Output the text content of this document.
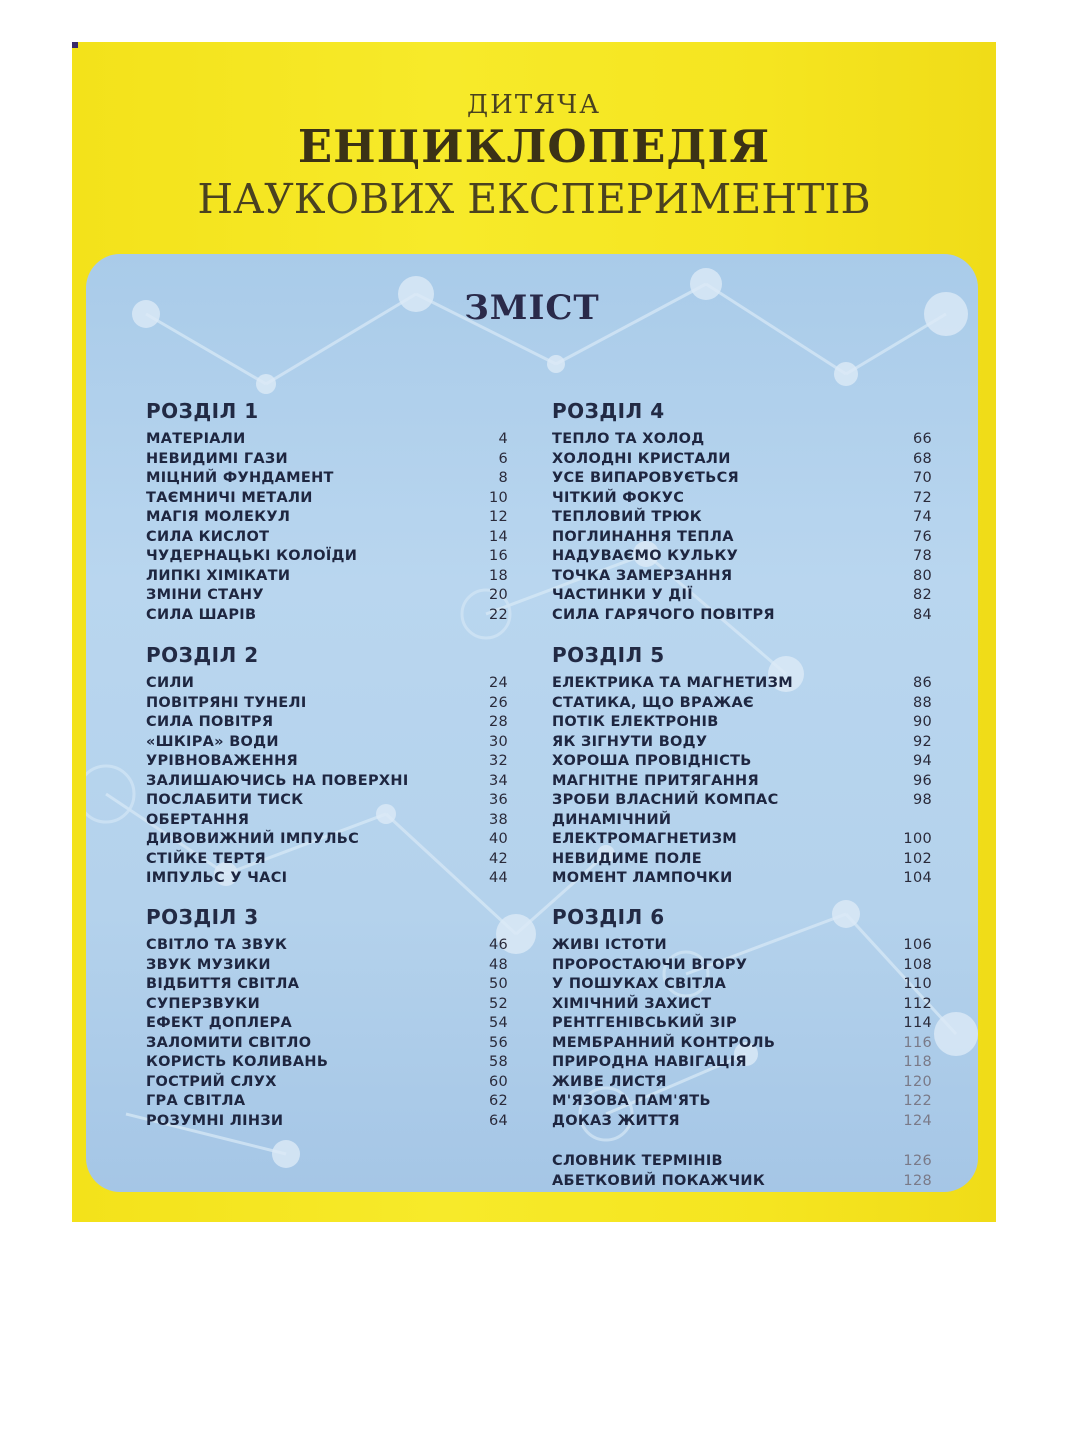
ДИТЯЧА
ЕНЦИКЛОПЕДІЯ
НАУКОВИХ ЕКСПЕРИМЕНТІВ
ЗМІСТ
РОЗДІЛ 1
МАТЕРІАЛИ	4
НЕВИДИМІ ГАЗИ	6
МІЦНИЙ ФУНДАМЕНТ	8
ТАЄМНИЧІ МЕТАЛИ	10
МАГІЯ МОЛЕКУЛ	12
СИЛА КИСЛОТ	14
ЧУДЕРНАЦЬКІ КОЛОЇДИ	16
ЛИПКІ ХІМІКАТИ	18
ЗМІНИ СТАНУ	20
СИЛА ШАРІВ	22
РОЗДІЛ 2
СИЛИ	24
ПОВІТРЯНІ ТУНЕЛІ	26
СИЛА ПОВІТРЯ	28
«ШКІРА» ВОДИ	30
УРІВНОВАЖЕННЯ	32
ЗАЛИШАЮЧИСЬ НА ПОВЕРХНІ	34
ПОСЛАБИТИ ТИСК	36
ОБЕРТАННЯ	38
ДИВОВИЖНИЙ ІМПУЛЬС	40
СТІЙКЕ ТЕРТЯ	42
ІМПУЛЬС У ЧАСІ	44
РОЗДІЛ 3
СВІТЛО ТА ЗВУК	46
ЗВУК МУЗИКИ	48
ВІДБИТТЯ СВІТЛА	50
СУПЕРЗВУКИ	52
ЕФЕКТ ДОПЛЕРА	54
ЗАЛОМИТИ СВІТЛО	56
КОРИСТЬ КОЛИВАНЬ	58
ГОСТРИЙ СЛУХ	60
ГРА СВІТЛА	62
РОЗУМНІ ЛІНЗИ	64
РОЗДІЛ 4
ТЕПЛО ТА ХОЛОД	66
ХОЛОДНІ КРИСТАЛИ	68
УСЕ ВИПАРОВУЄТЬСЯ	70
ЧІТКИЙ ФОКУС	72
ТЕПЛОВИЙ ТРЮК	74
ПОГЛИНАННЯ ТЕПЛА	76
НАДУВАЄМО КУЛЬКУ	78
ТОЧКА ЗАМЕРЗАННЯ	80
ЧАСТИНКИ У ДІЇ	82
СИЛА ГАРЯЧОГО ПОВІТРЯ	84
РОЗДІЛ 5
ЕЛЕКТРИКА ТА МАГНЕТИЗМ	86
СТАТИКА, ЩО ВРАЖАЄ	88
ПОТІК ЕЛЕКТРОНІВ	90
ЯК ЗІГНУТИ ВОДУ	92
ХОРОША ПРОВІДНІСТЬ	94
МАГНІТНЕ ПРИТЯГАННЯ	96
ЗРОБИ ВЛАСНИЙ КОМПАС	98
ДИНАМІЧНИЙ
ЕЛЕКТРОМАГНЕТИЗМ	100
НЕВИДИМЕ ПОЛЕ	102
МОМЕНТ ЛАМПОЧКИ	104
РОЗДІЛ 6
ЖИВІ ІСТОТИ	106
ПРОРОСТАЮЧИ ВГОРУ	108
У ПОШУКАХ СВІТЛА	110
ХІМІЧНИЙ ЗАХИСТ	112
РЕНТГЕНІВСЬКИЙ ЗІР	114
МЕМБРАННИЙ КОНТРОЛЬ	116
ПРИРОДНА НАВІГАЦІЯ	118
ЖИВЕ ЛИСТЯ	120
М'ЯЗОВА ПАМ'ЯТЬ	122
ДОКАЗ ЖИТТЯ	124
СЛОВНИК ТЕРМІНІВ	126
АБЕТКОВИЙ ПОКАЖЧИК	128
